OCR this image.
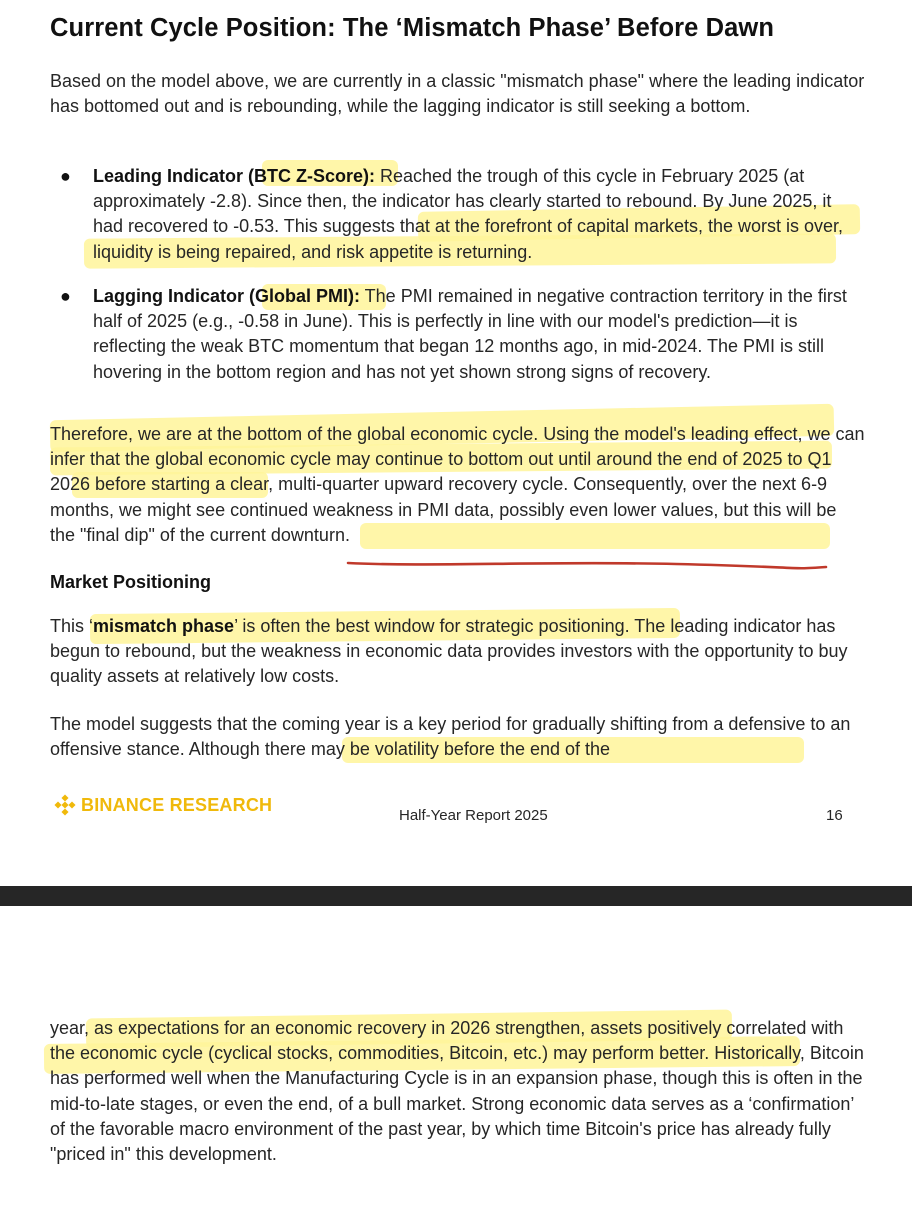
Current Cycle Position: The ‘Mismatch Phase’ Before Dawn

Based on the model above, we are currently in a classic "mismatch phase" where the leading indicator has bottomed out and is rebounding, while the lagging indicator is still seeking a bottom.

● Leading Indicator (BTC Z-Score): Reached the trough of this cycle in February 2025 (at approximately -2.8). Since then, the indicator has clearly started to rebound. By June 2025, it had recovered to -0.53. This suggests that at the forefront of capital markets, the worst is over, liquidity is being repaired, and risk appetite is returning.

● Lagging Indicator (Global PMI): The PMI remained in negative contraction territory in the first half of 2025 (e.g., -0.58 in June). This is perfectly in line with our model's prediction—it is reflecting the weak BTC momentum that began 12 months ago, in mid-2024. The PMI is still hovering in the bottom region and has not yet shown strong signs of recovery.

Therefore, we are at the bottom of the global economic cycle. Using the model's leading effect, we can infer that the global economic cycle may continue to bottom out until around the end of 2025 to Q1 2026 before starting a clear, multi-quarter upward recovery cycle. Consequently, over the next 6-9 months, we might see continued weakness in PMI data, possibly even lower values, but this will be the "final dip" of the current downturn.

Market Positioning

This ‘mismatch phase’ is often the best window for strategic positioning. The leading indicator has begun to rebound, but the weakness in economic data provides investors with the opportunity to buy quality assets at relatively low costs.

The model suggests that the coming year is a key period for gradually shifting from a defensive to an offensive stance. Although there may be volatility before the end of the

BINANCE RESEARCH
Half-Year Report 2025	16

year, as expectations for an economic recovery in 2026 strengthen, assets positively correlated with the economic cycle (cyclical stocks, commodities, Bitcoin, etc.) may perform better. Historically, Bitcoin has performed well when the Manufacturing Cycle is in an expansion phase, though this is often in the mid-to-late stages, or even the end, of a bull market. Strong economic data serves as a ‘confirmation’ of the favorable macro environment of the past year, by which time Bitcoin's price has already fully "priced in" this development.
